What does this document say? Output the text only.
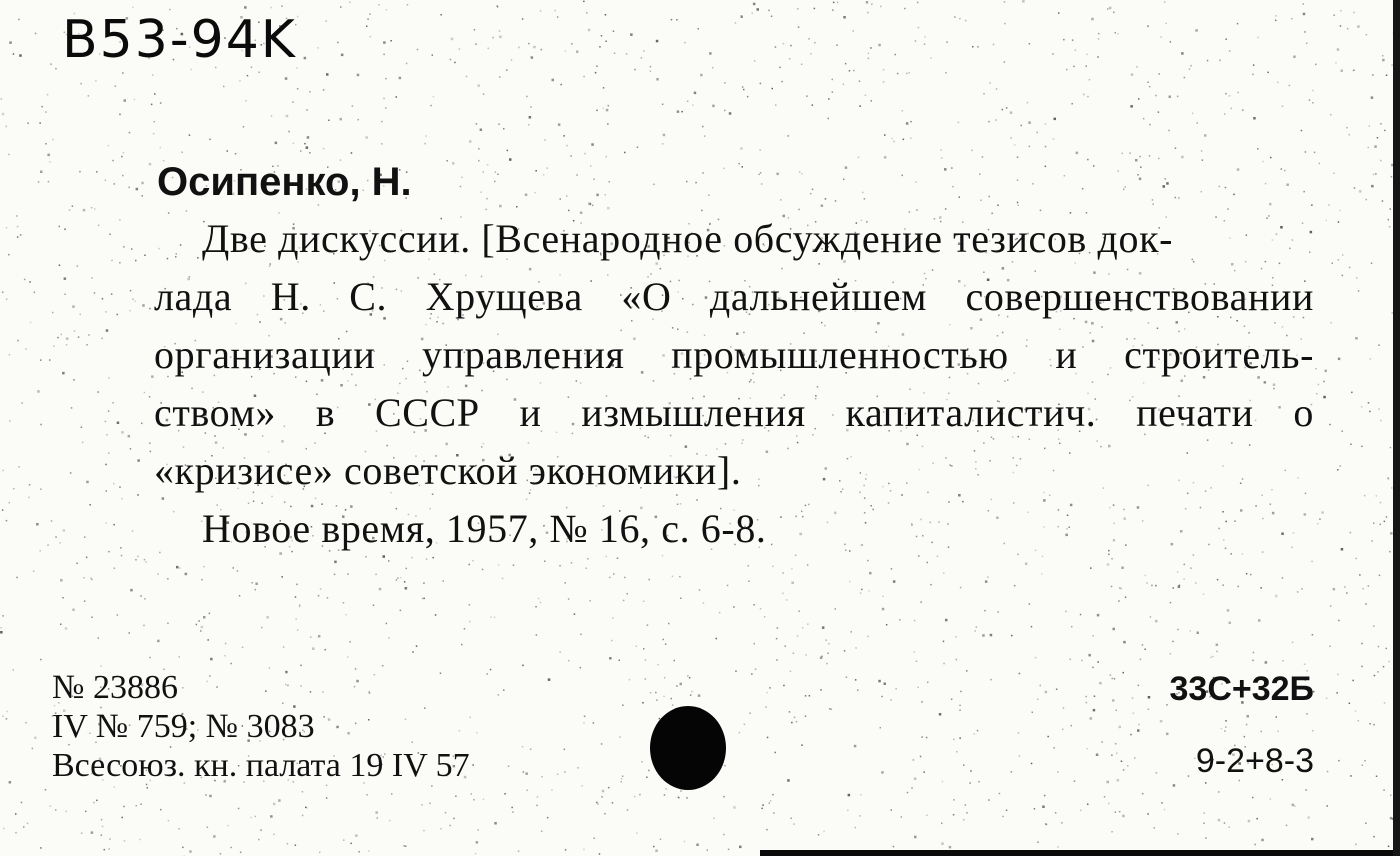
B53-94K
Осипенко, Н.
Две дискуссии. [Всенародное обсуждение тезисов док-
лада Н. С. Хрущева «О дальнейшем совершенствовании
организации управления промышленностью и строитель-
ством» в СССР и измышления капиталистич. печати о
«кризисе» советской экономики].
Новое время, 1957, № 16, с. 6-8.
№ 23886
IV № 759; № 3083
Всесоюз. кн. палата 19 IV 57
33С+32Б
9-2+8-3
